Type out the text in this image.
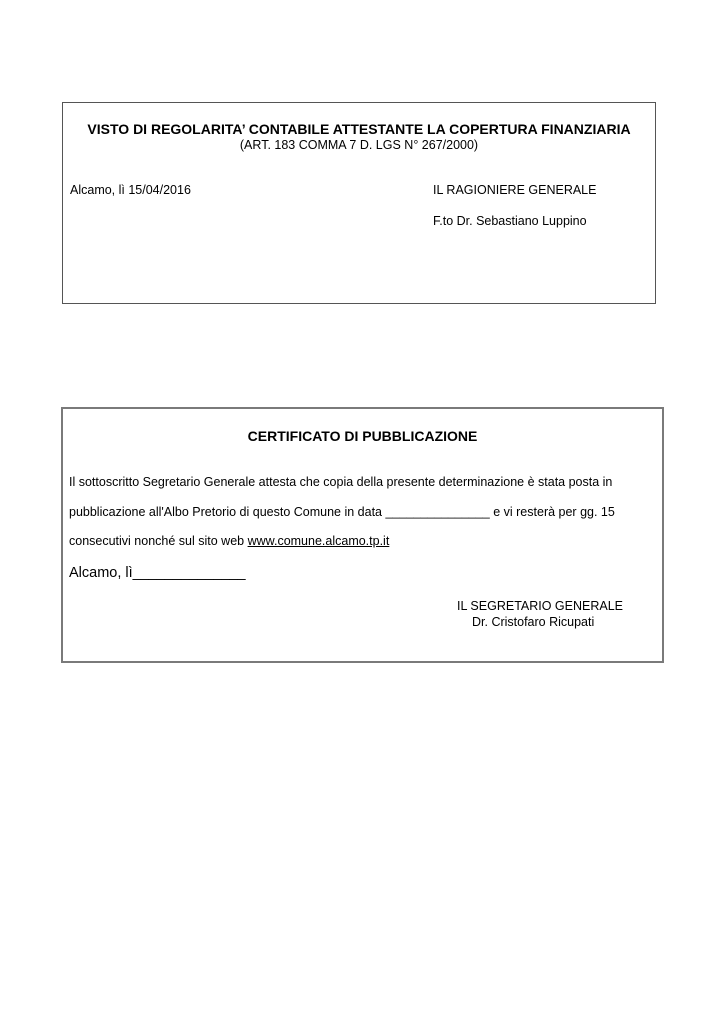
VISTO DI REGOLARITA’ CONTABILE ATTESTANTE LA COPERTURA FINANZIARIA
(ART. 183 COMMA 7 D. LGS N° 267/2000)
Alcamo, lì 15/04/2016	IL RAGIONIERE GENERALE
F.to Dr. Sebastiano Luppino
CERTIFICATO DI PUBBLICAZIONE
Il sottoscritto Segretario Generale attesta che copia della presente determinazione è stata posta in
pubblicazione all'Albo Pretorio di questo Comune in data _______________ e vi resterà per gg. 15
consecutivi nonché sul sito web www.comune.alcamo.tp.it
Alcamo, lì______________
IL SEGRETARIO GENERALE
Dr. Cristofaro Ricupati
